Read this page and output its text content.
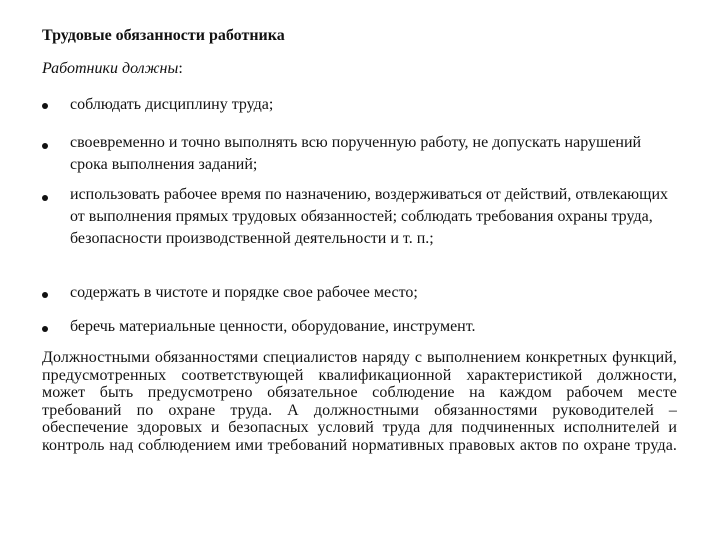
Трудовые обязанности работника
Работники должны:
соблюдать дисциплину труда;
своевременно и точно выполнять всю порученную работу, не допускать нарушений срока выполнения заданий;
использовать рабочее время по назначению, воздерживаться от действий, отвлекающих от выполнения прямых трудовых обязанностей; соблюдать требования охраны труда, безопасности производственной деятельности и т. п.;
содержать в чистоте и порядке свое рабочее место;
беречь материальные ценности, оборудование, инструмент.
Должностными обязанностями специалистов наряду с выполнением конкретных функций, предусмотренных соответствующей квалификационной характеристикой должности, может быть предусмотрено обязательное соблюдение на каждом рабочем месте требований по охране труда. А должностными обязанностями руководителей – обеспечение здоровых и безопасных условий труда для подчиненных исполнителей и контроль над соблюдением ими требований нормативных правовых актов по охране труда.
